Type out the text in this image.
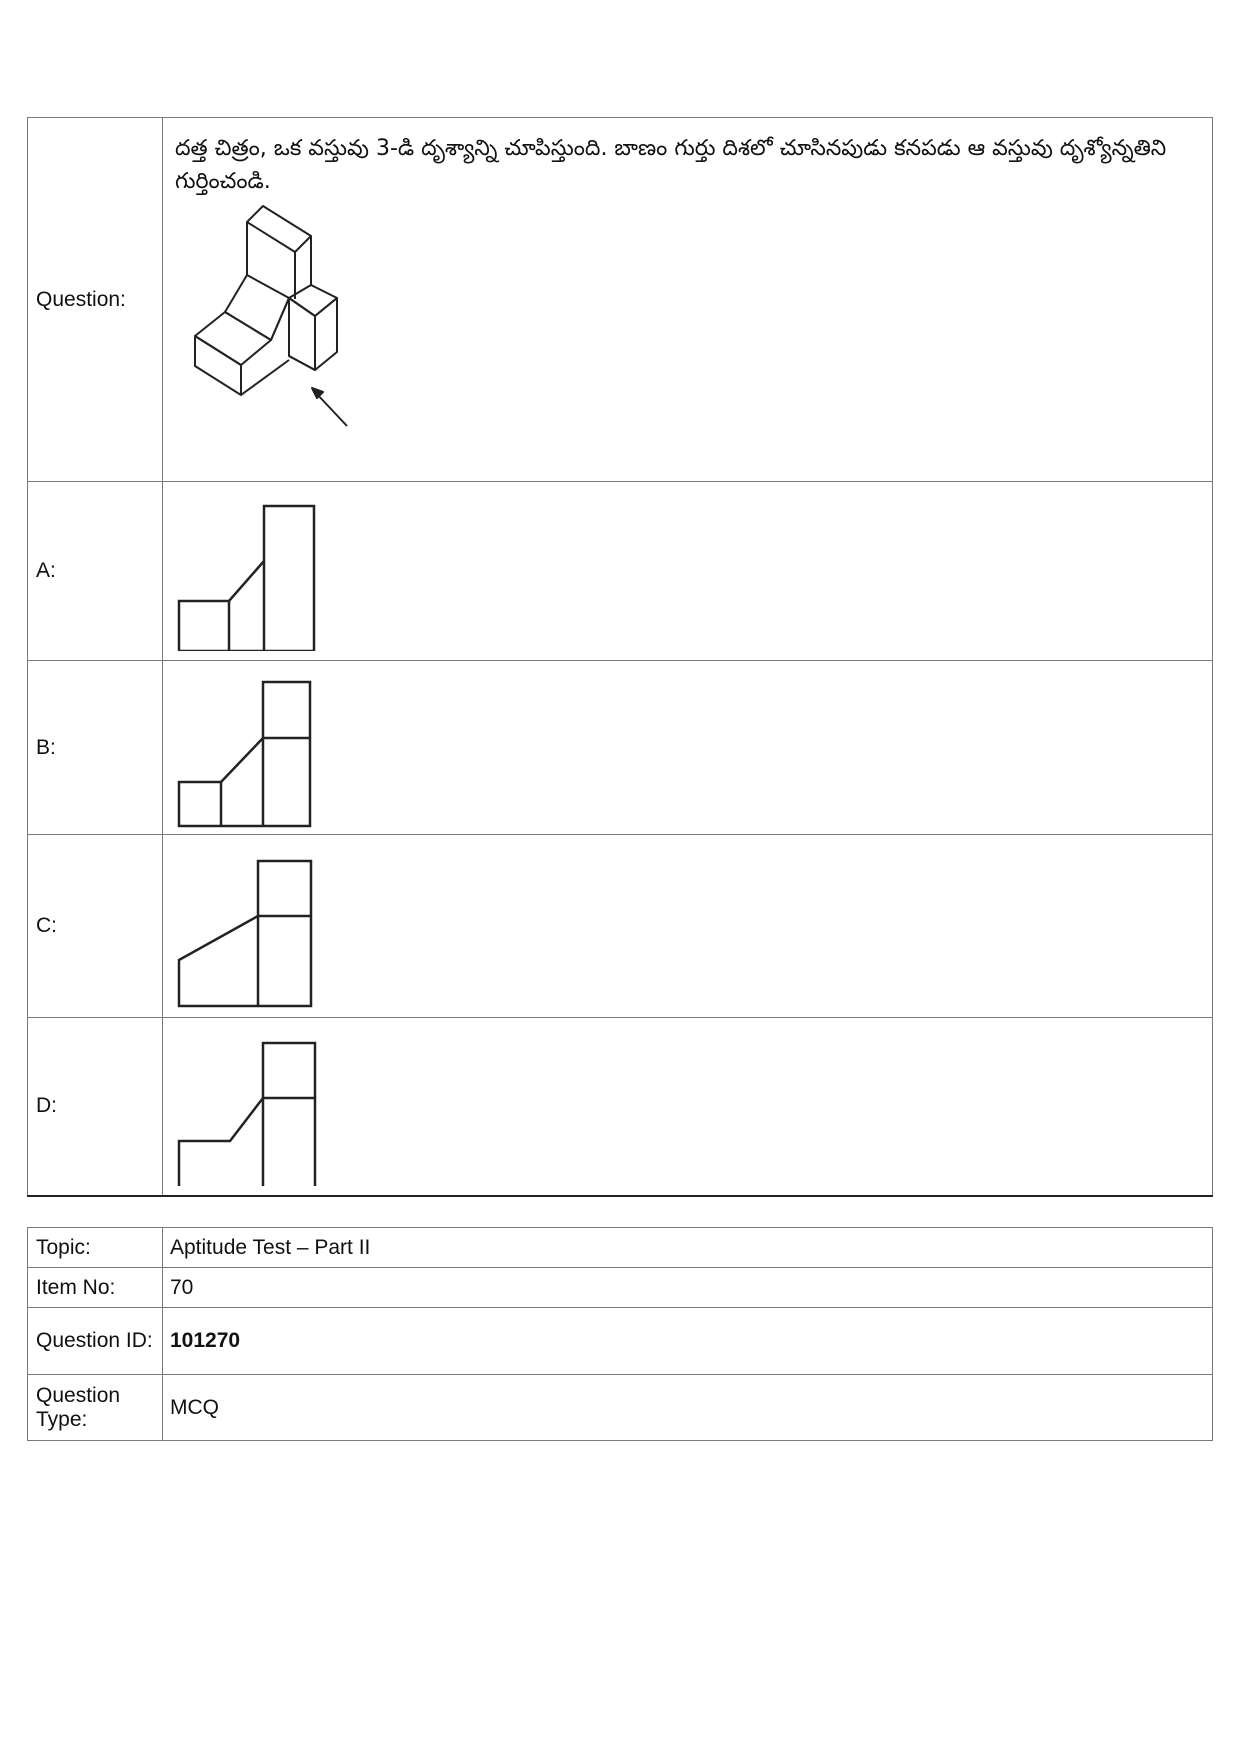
Question:	దత్త చిత్రం, ఒక వస్తువు 3-డి దృశ్యాన్ని చూపిస్తుంది. బాణం గుర్తు దిశలో చూసినపుడు కనపడు ఆ వస్తువు దృశ్యోన్నతిని గుర్తించండి.

A:	

B:	

C:	

D:	
Topic:	Aptitude Test – Part II
Item No:	70
Question ID:	101270
Question Type:	MCQ
